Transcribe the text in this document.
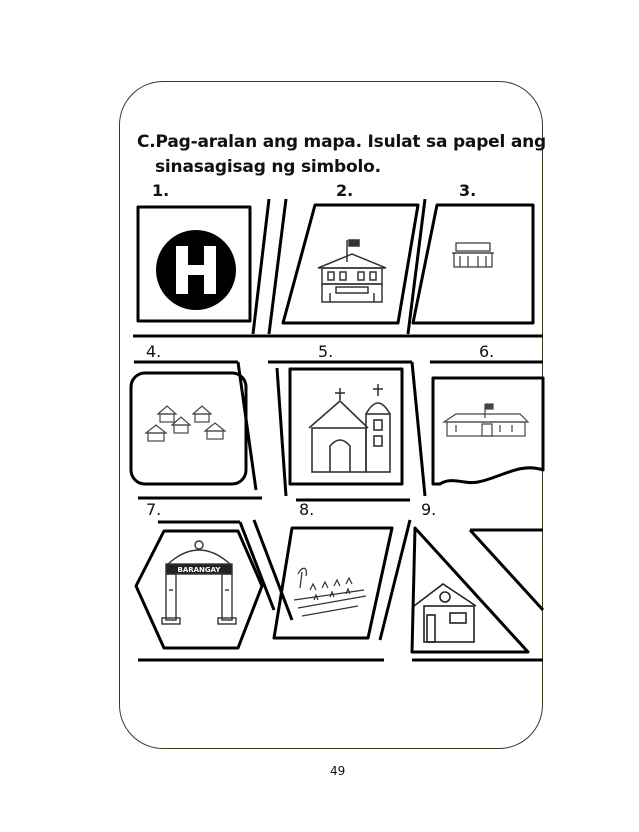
C.Pag-aralan ang mapa. Isulat sa papel ang
sinasagisag ng simbolo.

1.	2.	3.
4.	5.	6.
7.	8.	9.
BARANGAY
49
